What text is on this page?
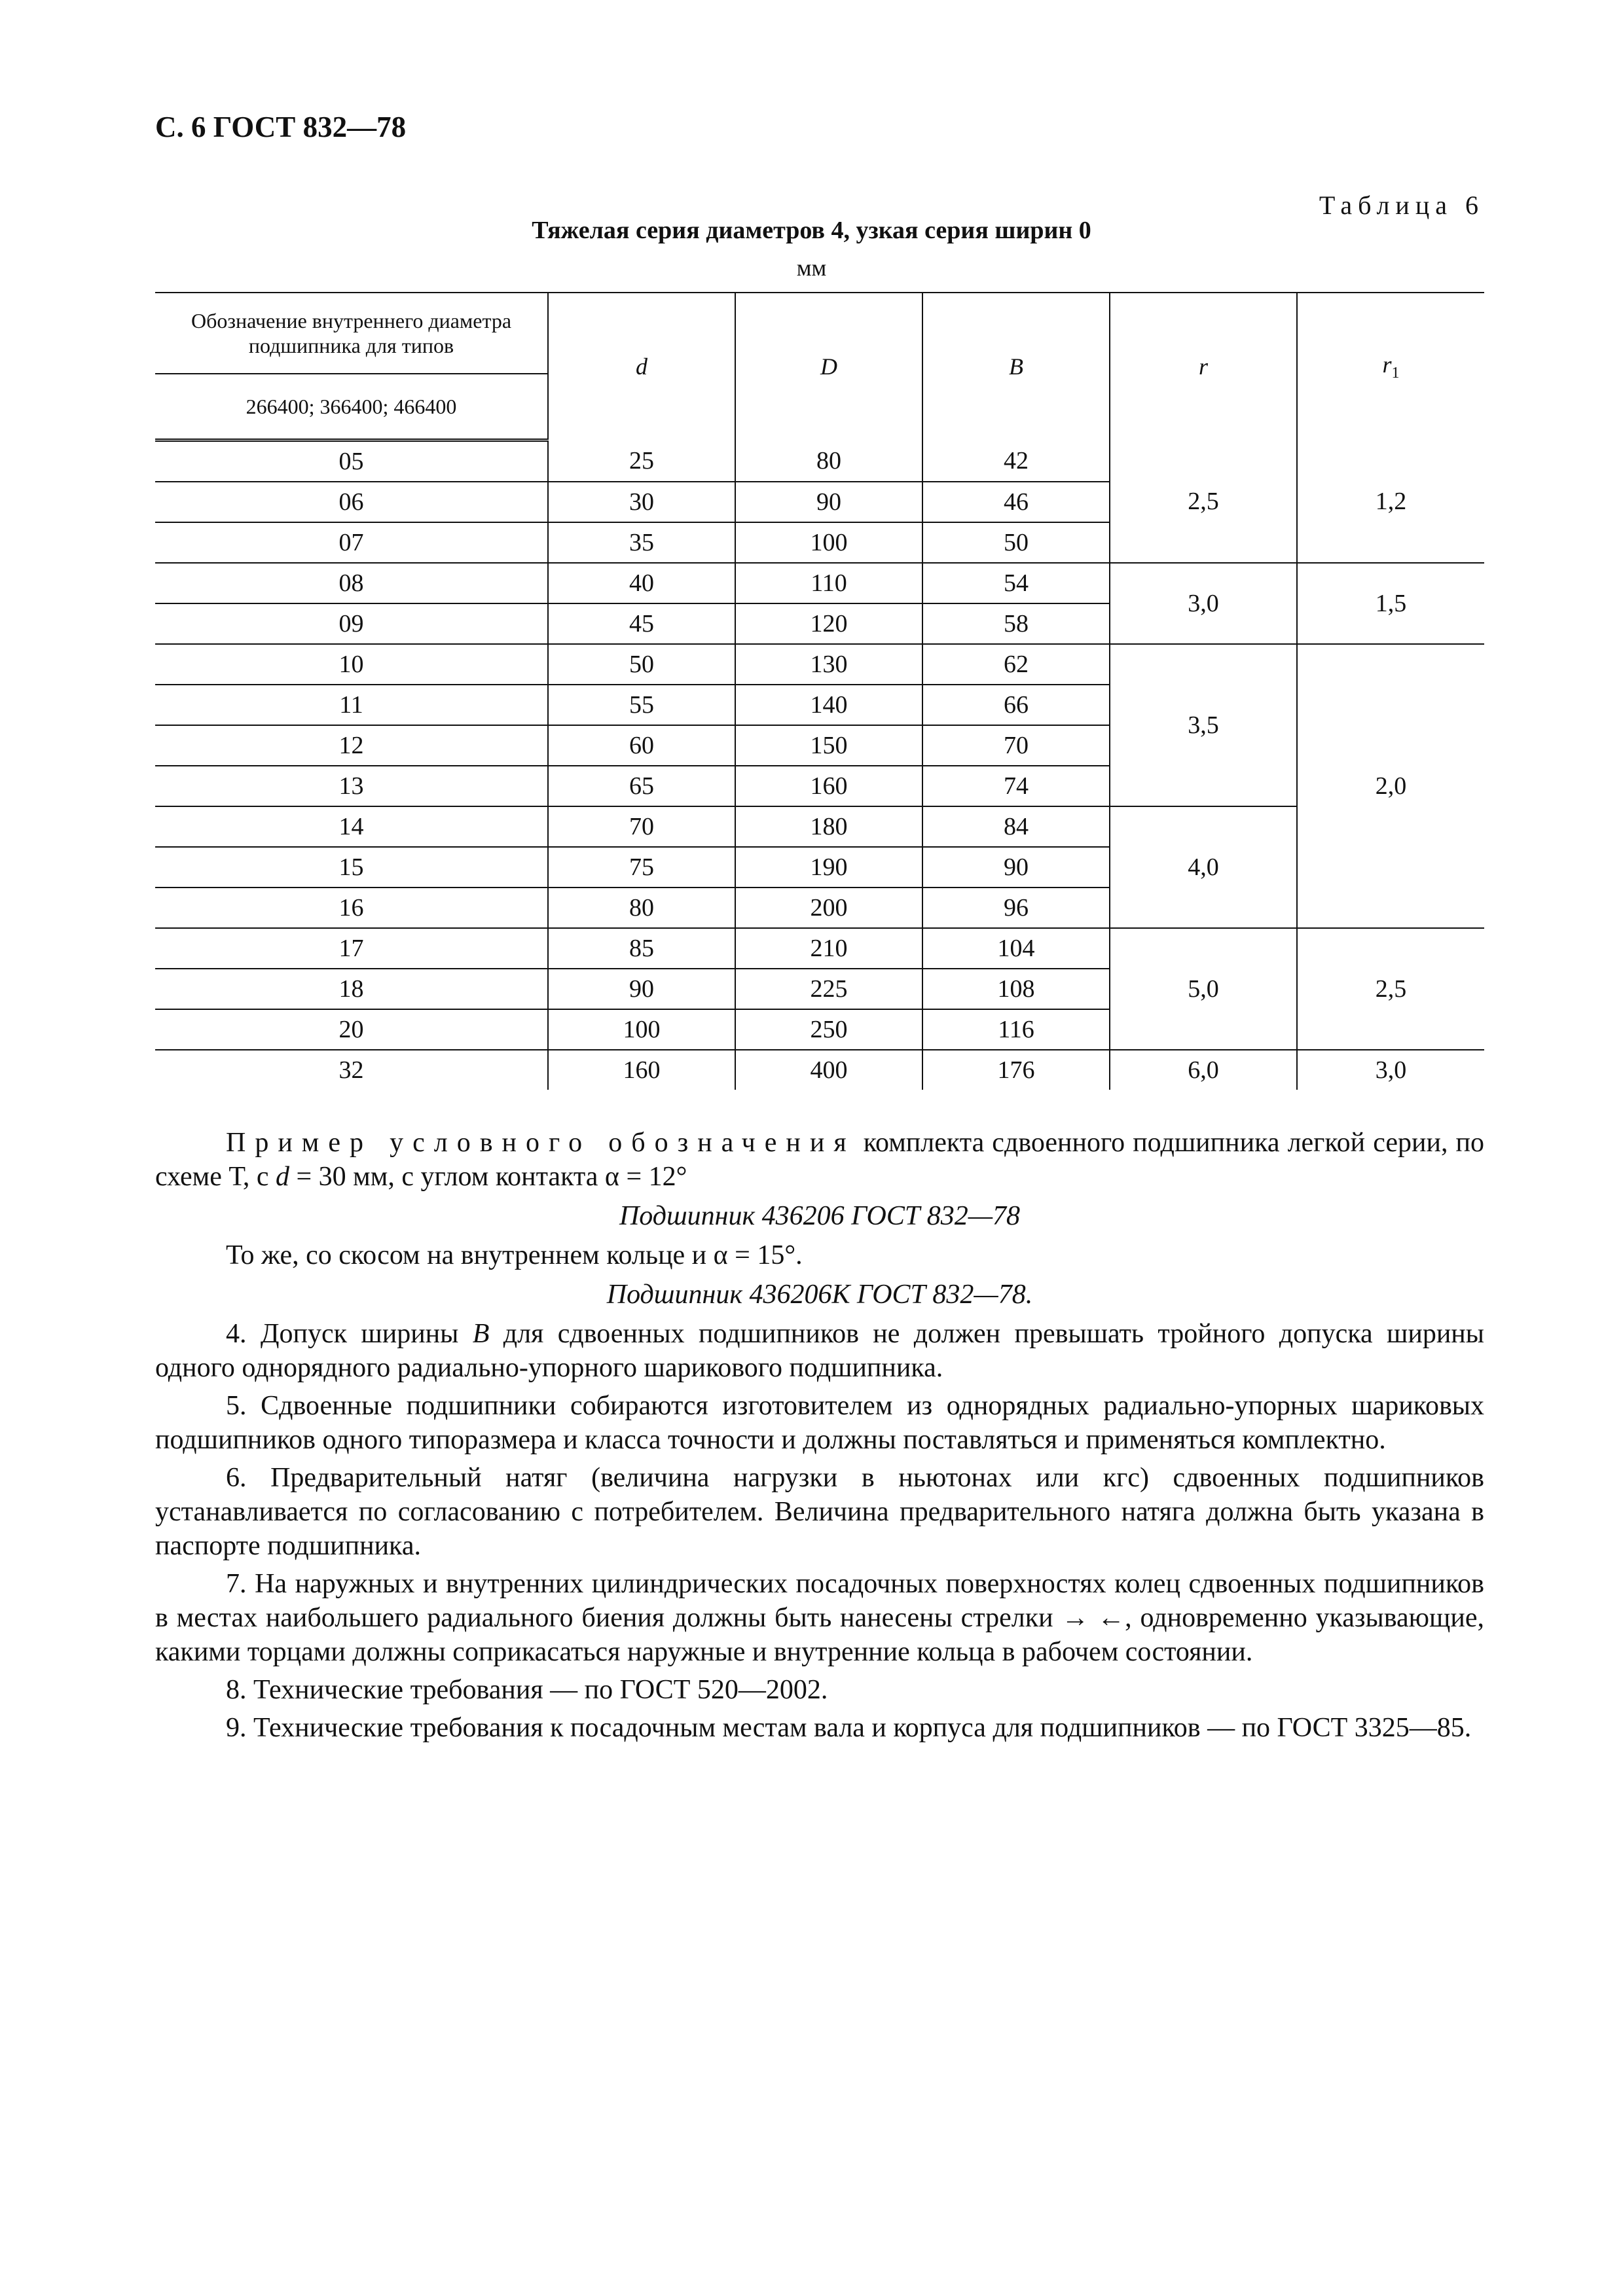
С. 6 ГОСТ 832—78
Таблица 6
Тяжелая серия диаметров 4, узкая серия ширин 0
мм
Обозначение внутреннего диаметра подшипника для типов	d	D	B	r	$r_1$
266400; 366400; 466400					
05	25	80	42	2,5	1,2
06	30	90	46		
07	35	100	50		
08	40	110	54	3,0	1,5
09	45	120	58		
10	50	130	62	3,5	2,0
11	55	140	66		
12	60	150	70		
13	65	160	74		
14	70	180	84	4,0	
15	75	190	90		
16	80	200	96		
17	85	210	104	5,0	2,5
18	90	225	108		
20	100	250	116		
32	160	400	176	6,0	3,0

Пример условного обозначения комплекта сдвоенного подшипника легкой серии, по схеме Т, с d = 30 мм, с углом контакта α = 12°

Подшипник 436206 ГОСТ 832—78

То же, со скосом на внутреннем кольце и α = 15°.

Подшипник 436206К ГОСТ 832—78.

4. Допуск ширины B для сдвоенных подшипников не должен превышать тройного допуска ширины одного однорядного радиально-упорного шарикового подшипника.

5. Сдвоенные подшипники собираются изготовителем из однорядных радиально-упорных шариковых подшипников одного типоразмера и класса точности и должны поставляться и применяться комплектно.

6. Предварительный натяг (величина нагрузки в ньютонах или кгс) сдвоенных подшипников устанавливается по согласованию с потребителем. Величина предварительного натяга должна быть указана в паспорте подшипника.

7. На наружных и внутренних цилиндрических посадочных поверхностях колец сдвоенных подшипников в местах наибольшего радиального биения должны быть нанесены стрелки → ←, одновременно указывающие, какими торцами должны соприкасаться наружные и внутренние кольца в рабочем состоянии.

8. Технические требования — по ГОСТ 520—2002.

9. Технические требования к посадочным местам вала и корпуса для подшипников — по ГОСТ 3325—85.
